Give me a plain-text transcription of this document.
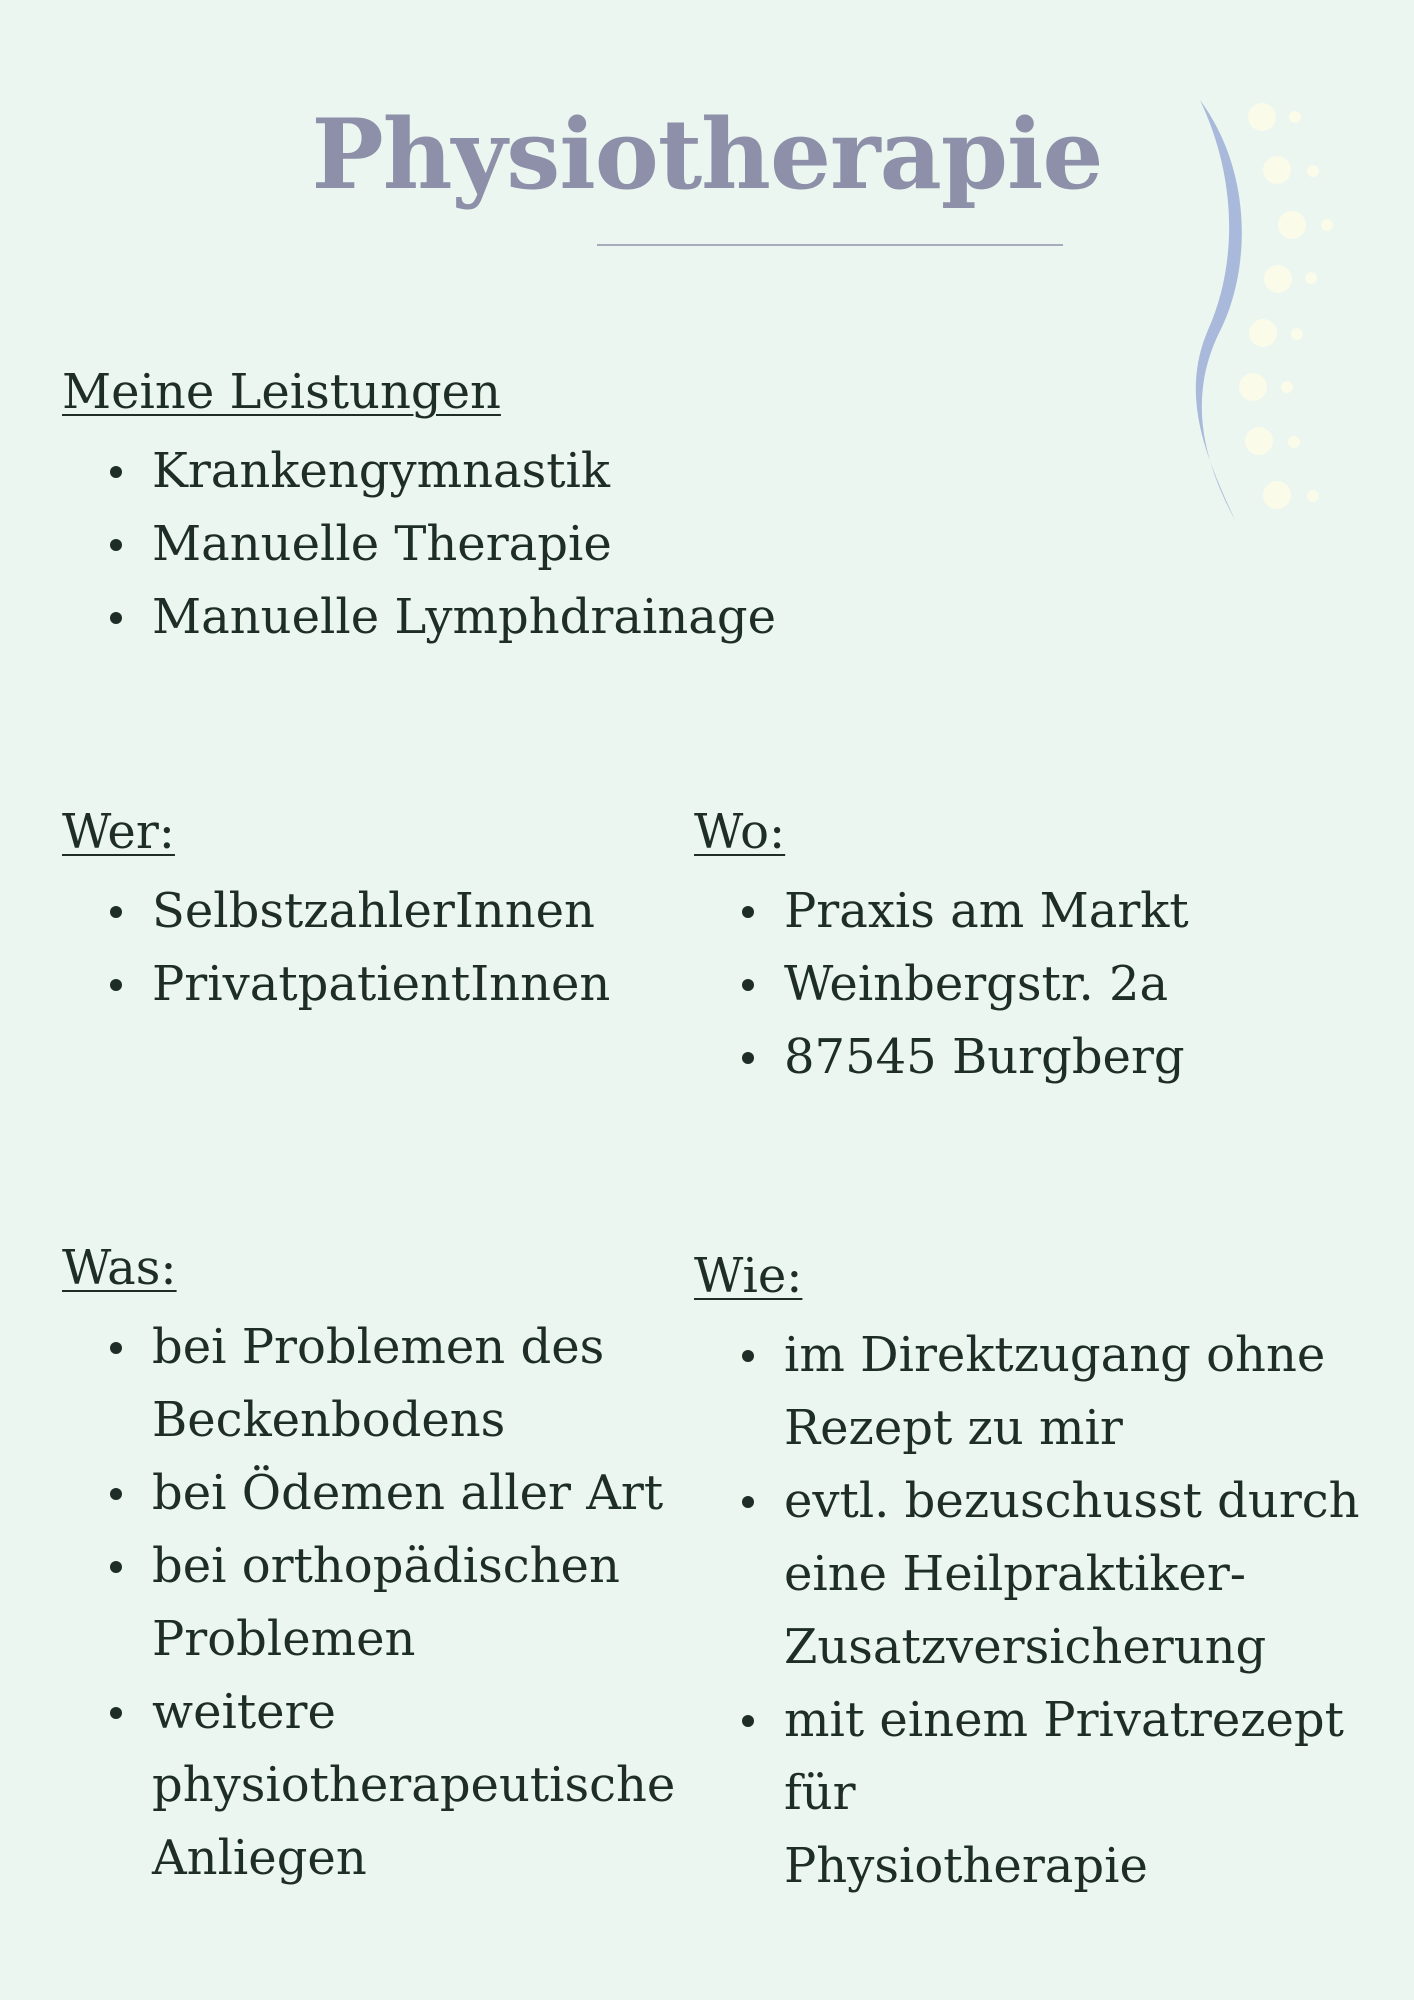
Physiotherapie
Meine Leistungen
Krankengymnastik
Manuelle Therapie
Manuelle Lymphdrainage
Wer:
SelbstzahlerInnen
PrivatpatientInnen
Wo:
Praxis am Markt
Weinbergstr. 2a
87545 Burgberg
Was:
bei Problemen des
Beckenbodens
bei Ödemen aller Art
bei orthopädischen
Problemen
weitere
physiotherapeutische
Anliegen
Wie:
im Direktzugang ohne
Rezept zu mir
evtl. bezuschusst durch
eine Heilpraktiker-
Zusatzversicherung
mit einem Privatrezept für
Physiotherapie
